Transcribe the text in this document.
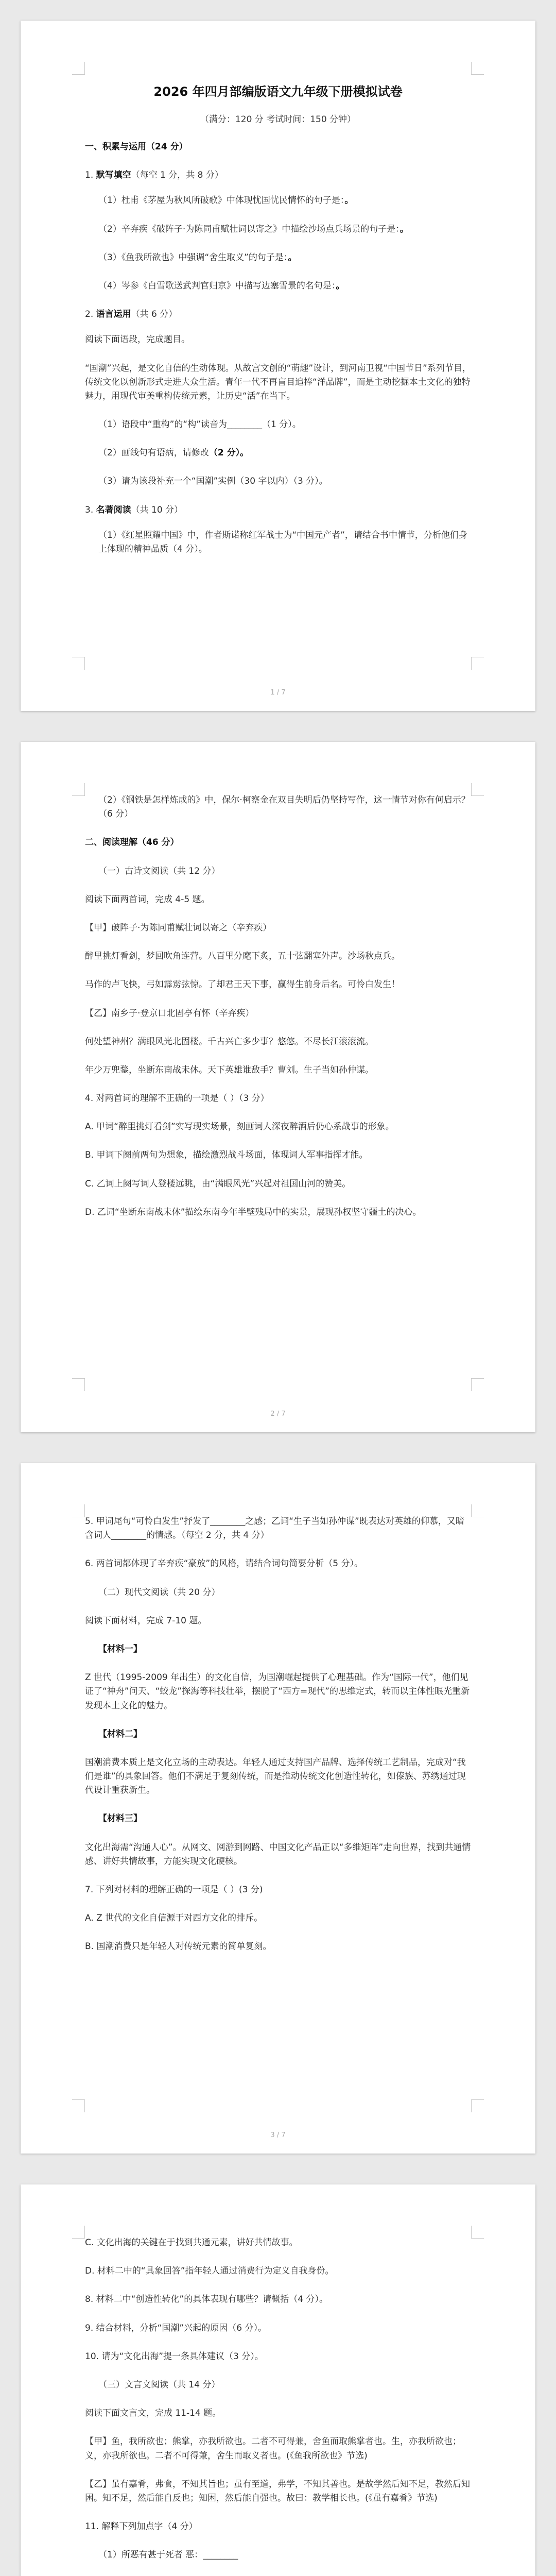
2026 年四月部编版语文九年级下册模拟试卷
（满分：120 分 考试时间：150 分钟）

一、积累与运用（24 分）

1. 默写填空（每空 1 分，共 8 分）

（1）杜甫《茅屋为秋风所破歌》中体现忧国忧民情怀的句子是：。

（2）辛弃疾《破阵子·为陈同甫赋壮词以寄之》中描绘沙场点兵场景的句子是：。

（3）《鱼我所欲也》中强调“舍生取义”的句子是：。

（4）岑参《白雪歌送武判官归京》中描写边塞雪景的名句是：。

2. 语言运用（共 6 分）

阅读下面语段，完成题目。

“国潮”兴起，是文化自信的生动体现。从故宫文创的“萌趣”设计，到河南卫视“中国节日”系列节目，传统文化以创新形式走进大众生活。青年一代不再盲目追捧“洋品牌”，而是主动挖掘本土文化的独特魅力，用现代审美重构传统元素，让历史“活”在当下。

（1）语段中“重构”的“构”读音为________（1 分）。

（2）画线句有语病，请修改（2 分）。

（3）请为该段补充一个“国潮”实例（30 字以内）（3 分）。

3. 名著阅读（共 10 分）

（1）《红星照耀中国》中，作者斯诺称红军战士为“中国元产者”，请结合书中情节，分析他们身上体现的精神品质（4 分）。

1 / 7

（2）《钢铁是怎样炼成的》中，保尔·柯察金在双目失明后仍坚持写作，这一情节对你有何启示？（6 分）

二、阅读理解（46 分）

（一）古诗文阅读（共 12 分）

阅读下面两首词，完成 4-5 题。

【甲】破阵子·为陈同甫赋壮词以寄之（辛弃疾）

醉里挑灯看剑，梦回吹角连营。八百里分麾下炙，五十弦翻塞外声。沙场秋点兵。

马作的卢飞快，弓如霹雳弦惊。了却君王天下事，赢得生前身后名。可怜白发生！

【乙】南乡子·登京口北固亭有怀（辛弃疾）

何处望神州？满眼风光北固楼。千古兴亡多少事？悠悠。不尽长江滚滚流。

年少万兜鍪，坐断东南战未休。天下英雄谁敌手？曹刘。生子当如孙仲谋。

4. 对两首词的理解不正确的一项是（ ）（3 分）

A. 甲词“醉里挑灯看剑”实写现实场景，刻画词人深夜醉酒后仍心系战事的形象。

B. 甲词下阕前两句为想象，描绘激烈战斗场面，体现词人军事指挥才能。

C. 乙词上阕写词人登楼远眺，由“满眼风光”兴起对祖国山河的赞美。

D. 乙词“坐断东南战未休”描绘东南今年半壁残局中的实景，展现孙权坚守疆土的决心。

2 / 7

5. 甲词尾句“可怜白发生”抒发了________之感；乙词“生子当如孙仲谋”既表达对英雄的仰慕，又暗含词人________的情感。（每空 2 分，共 4 分）

6. 两首词都体现了辛弃疾“豪放”的风格，请结合词句简要分析（5 分）。

（二）现代文阅读（共 20 分）

阅读下面材料，完成 7-10 题。

【材料一】

Z 世代（1995-2009 年出生）的文化自信，为国潮崛起提供了心理基础。作为“国际一代”，他们见证了“神舟”问天、“蛟龙”探海等科技壮举，摆脱了“西方=现代”的思维定式，转而以主体性眼光重新发现本土文化的魅力。

【材料二】

国潮消费本质上是文化立场的主动表达。年轻人通过支持国产品牌、选择传统工艺制品，完成对“我们是谁”的具象回答。他们不满足于复刻传统，而是推动传统文化创造性转化，如傣族、苏绣通过现代设计重获新生。

【材料三】

文化出海需“沟通人心”。从网文、网游到网路、中国文化产品正以“多维矩阵”走向世界，找到共通情感、讲好共情故事，方能实现文化硬核。

7. 下列对材料的理解正确的一项是（ ）(3 分)

A. Z 世代的文化自信源于对西方文化的排斥。

B. 国潮消费只是年轻人对传统元素的简单复刻。

3 / 7

C. 文化出海的关键在于找到共通元素，讲好共情故事。

D. 材料二中的“具象回答”指年轻人通过消费行为定义自我身份。

8. 材料二中“创造性转化”的具体表现有哪些？请概括（4 分）。

9. 结合材料，分析“国潮”兴起的原因（6 分）。

10. 请为“文化出海”提一条具体建议（3 分）。

（三）文言文阅读（共 14 分）

阅读下面文言文，完成 11-14 题。

【甲】鱼，我所欲也；熊掌，亦我所欲也。二者不可得兼，舍鱼而取熊掌者也。生，亦我所欲也；义，亦我所欲也。二者不可得兼，舍生而取义者也。(《鱼我所欲也》节选)

【乙】虽有嘉肴，弗食，不知其旨也；虽有至道，弗学，不知其善也。是故学然后知不足，教然后知困。知不足，然后能自反也；知困，然后能自强也。故曰：教学相长也。(《虽有嘉肴》节选)

11. 解释下列加点字（4 分）

（1）所恶有甚于死者 恶：________
